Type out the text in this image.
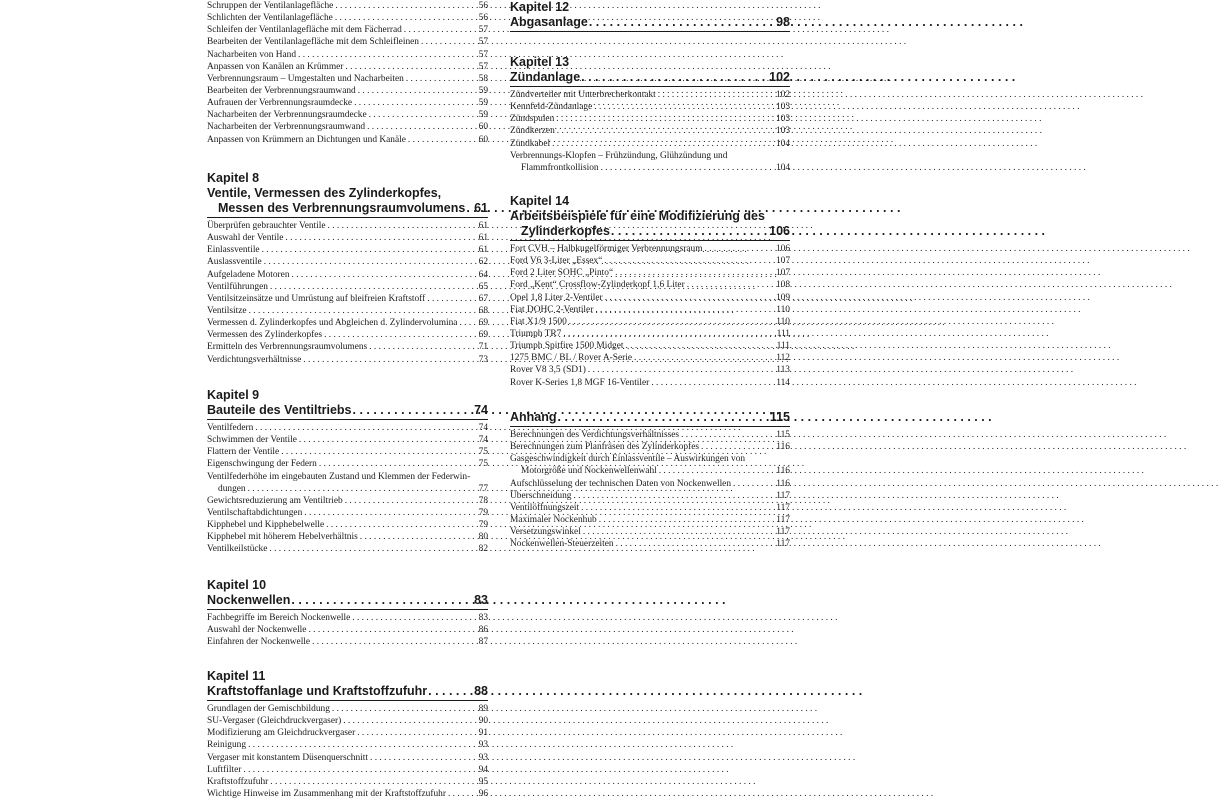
Schruppen der Ventilanlagefläche . . .	56
Schlichten der Ventilanlagefläche . . .	56
Schleifen der Ventilanlagefläche mit dem Fächerrad . . .	57
Bearbeiten der Ventilanlagefläche mit dem Schleifleinen . . .	57
Nacharbeiten von Hand . . .	57
Anpassen von Kanälen an Krümmer . . .	57
Verbrennungsraum – Umgestalten und Nacharbeiten . . .	58
Bearbeiten der Verbrennungsraumwand . . .	59
Aufrauen der Verbrennungsraumdecke . . .	59
Nacharbeiten der Verbrennungsraumdecke . . .	59
Nacharbeiten der Verbrennungsraumwand . . .	60
Anpassen von Krümmern an Dichtungen und Kanäle . . .	60
Kapitel 8
Ventile, Vermessen des Zylinderkopfes,
Messen des Verbrennungsraumvolumens . . . 61
Überprüfen gebrauchter Ventile . . .	61
Auswahl der Ventile . . .	61
Einlassventile . . .	61
Auslassventile . . .	62
Aufgeladene Motoren . . .	64
Ventilführungen . . .	65
Ventilsitzeinsätze und Umrüstung auf bleifreien Kraftstoff . . .	67
Ventilsitze . . .	68
Vermessen d. Zylinderkopfes und Abgleichen d. Zylindervolumina . . . 69
Vermessen des Zylinderkopfes . . .	69
Ermitteln des Verbrennungsraumvolumens . . .	71
Verdichtungsverhältnisse . . .	73
Kapitel 9
Bauteile des Ventiltriebs . . .	74
Ventilfedern . . .	74
Schwimmen der Ventile . . .	74
Flattern der Ventile . . .	75
Eigenschwingung der Federn . . .	75
Ventilfederhöhe im eingebauten Zustand und Klemmen der Federwin-
dungen . . .	77
Gewichtsreduzierung am Ventiltrieb . . .	78
Ventilschaftabdichtungen . . .	79
Kipphebel und Kipphebelwelle . . .	79
Kipphebel mit höherem Hebelverhältnis . . .	80
Ventilkeilstücke . . .	82
Kapitel 10
Nockenwellen . . .	83
Fachbegriffe im Bereich Nockenwelle . . .	83
Auswahl der Nockenwelle . . .	86
Einfahren der Nockenwelle . . .	87
Kapitel 11
Kraftstoffanlage und Kraftstoffzufuhr . . .	88
Grundlagen der Gemischbildung . . .	89
SU-Vergaser (Gleichdruckvergaser) . . .	90
Modifizierung am Gleichdruckvergaser . . .	91
Reinigung . . .	93
Vergaser mit konstantem Düsenquerschnitt . . .	93
Luftfilter . . .	94
Kraftstoffzufuhr . . .	95
Wichtige Hinweise im Zusammenhang mit der Kraftstoffzufuhr . . .	96
Kapitel 12
Abgasanlage . . .	98
Kapitel 13
Zündanlage . . .	102
Zündverteiler mit Unterbrecherkontakt . . .	102
Kennfeld-Zündanlage . . .	103
Zündspulen . . .	103
Zündkerzen . . .	103
Zündkabel . . .	104
Verbrennungs-Klopfen – Frühzündung, Glühzündung und
Flammfrontkollision . . .	104
Kapitel 14
Arbeitsbeispiele für eine Modifizierung des
Zylinderkopfes . . .	106
Fort CVH – Halbkugelförmiger Verbrennungsraum . . .	106
Ford V6 3-Liter „Essex“ . . .	107
Ford 2 Liter SOHC „Pinto“ . . .	107
Ford „Kent“ Crossflow-Zylinderkopf 1,6 Liter . . .	108
Opel 1,8 Liter 2-Ventiler . . .	109
Fiat DOHC 2-Ventiler . . .	110
Fiat X1/9 1500 . . .	110
Triumph TR7 . . .	111
Triumph Spitfire 1500 Midget . . .	111
1275 BMC / BL / Rover A-Serie . . .	112
Rover V8 3,5 (SD1) . . .	113
Rover K-Series 1,8 MGF 16-Ventiler . . .	114
Anhang . . .	115
Berechnungen des Verdichtungsverhältnisses . . .	115
Berechnungen zum Planfräsen des Zylinderkopfes . . .	116
Gasgeschwindigkeit durch Einlassventile – Auswirkungen von
Motorgröße und Nockenwellenwahl . . .	116
Aufschlüsselung der technischen Daten von Nockenwellen . . .	116
Überschneidung . . .	117
Ventilöffnungszeit . . .	117
Maximaler Nockenhub . . .	117
Versetzungswinkel . . .	117
Nockenwellen-Steuerzeiten . . .	117
